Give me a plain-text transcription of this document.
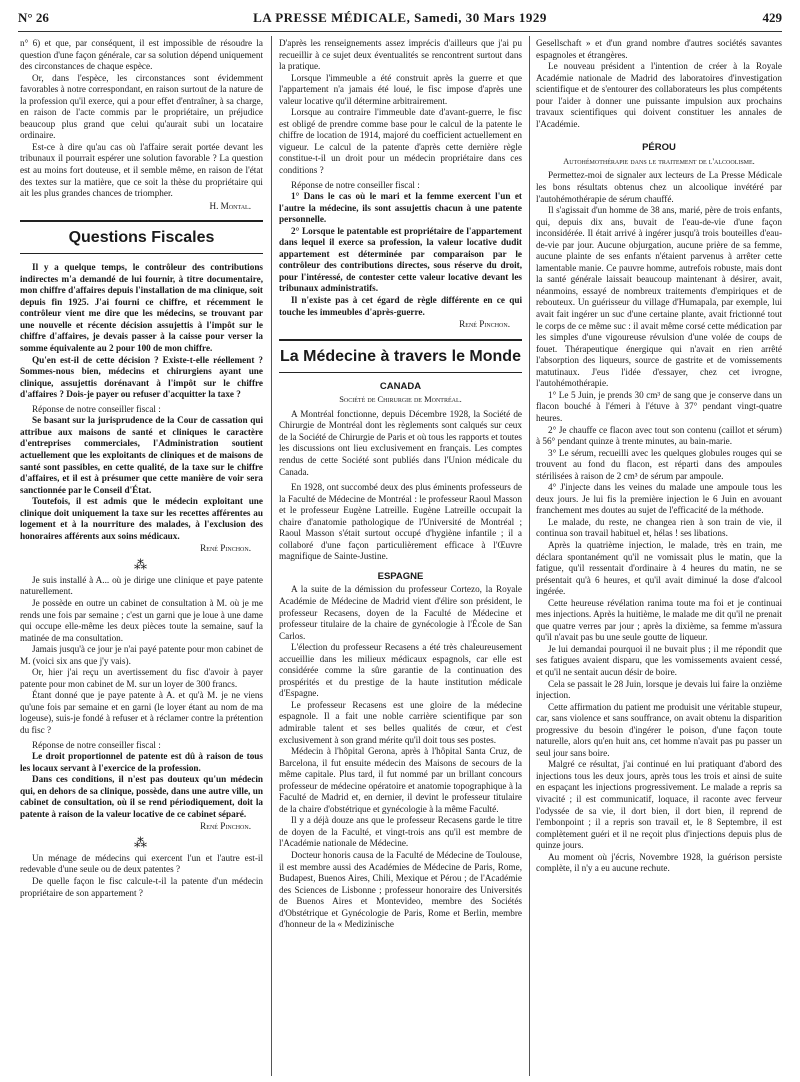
N° 26	LA PRESSE MÉDICALE, Samedi, 30 Mars 1929	429

n° 6) et que, par conséquent, il est impossible de résoudre la question d'une façon générale, car sa solution dépend uniquement des circonstances de chaque espèce.

Or, dans l'espèce, les circonstances sont évidemment favorables à notre correspondant, en raison surtout de la nature de la profession qu'il exerce, qui a pour effet d'entraîner, à sa charge, en raison de l'acte commis par le propriétaire, un préjudice beaucoup plus grand que celui qu'aurait subi un locataire ordinaire.

Est-ce à dire qu'au cas où l'affaire serait portée devant les tribunaux il pourrait espérer une solution favorable ? La question est au moins fort douteuse, et il semble même, en raison de l'état des textes sur la matière, que ce soit la thèse du propriétaire qui ait les plus grandes chances de triompher.

H. Montal.
Questions Fiscales

Il y a quelque temps, le contrôleur des contributions indirectes m'a demandé de lui fournir, à titre documentaire, mon chiffre d'affaires depuis l'installation de ma clinique, soit depuis fin 1925. J'ai fourni ce chiffre, et récemment le contrôleur vient me dire que les médecins, se trouvant par une nouvelle et récente décision assujettis à l'impôt sur le chiffre d'affaires, je devais passer à la caisse pour verser la somme équivalente au 2 pour 100 de mon chiffre.

Qu'en est-il de cette décision ? Existe-t-elle réellement ? Sommes-nous bien, médecins et chirurgiens ayant une clinique, assujettis dorénavant à l'impôt sur le chiffre d'affaires ? Dois-je payer ou refuser d'acquitter la taxe ?

Réponse de notre conseiller fiscal :

Se basant sur la jurisprudence de la Cour de cassation qui attribue aux maisons de santé et cliniques le caractère d'entreprises commerciales, l'Administration soutient actuellement que les exploitants de cliniques et de maisons de santé sont passibles, en cette qualité, de la taxe sur le chiffre d'affaires, et il est à présumer que cette manière de voir sera sanctionnée par le Conseil d'État.

Toutefois, il est admis que le médecin exploitant une clinique doit uniquement la taxe sur les recettes afférentes au logement et à la nourriture des malades, à l'exclusion des honoraires afférents aux soins médicaux.

René Pinchon.
⁂

Je suis installé à A... où je dirige une clinique et paye patente naturellement.

Je possède en outre un cabinet de consultation à M. où je me rends une fois par semaine ; c'est un garni que je loue à une dame qui occupe elle-même les deux pièces toute la semaine, sauf la matinée de ma consultation.

Jamais jusqu'à ce jour je n'ai payé patente pour mon cabinet de M. (voici six ans que j'y vais).

Or, hier j'ai reçu un avertissement du fisc d'avoir à payer patente pour mon cabinet de M. sur un loyer de 300 francs.

Étant donné que je paye patente à A. et qu'à M. je ne viens qu'une fois par semaine et en garni (le loyer étant au nom de ma logeuse), suis-je fondé à refuser et à réclamer contre la prétention du fisc ?

Réponse de notre conseiller fiscal :

Le droit proportionnel de patente est dû à raison de tous les locaux servant à l'exercice de la profession.

Dans ces conditions, il n'est pas douteux qu'un médecin qui, en dehors de sa clinique, possède, dans une autre ville, un cabinet de consultation, où il se rend périodiquement, doit la patente à raison de la valeur locative de ce cabinet séparé.

René Pinchon.
⁂

Un ménage de médecins qui exercent l'un et l'autre est-il redevable d'une seule ou de deux patentes ?

De quelle façon le fisc calcule-t-il la patente d'un médecin propriétaire de son appartement ?

D'après les renseignements assez imprécis d'ailleurs que j'ai pu recueillir à ce sujet deux éventualités se rencontrent surtout dans la pratique.

Lorsque l'immeuble a été construit après la guerre et que l'appartement n'a jamais été loué, le fisc impose d'après une valeur locative qu'il détermine arbitrairement.

Lorsque au contraire l'immeuble date d'avant-guerre, le fisc est obligé de prendre comme base pour le calcul de la patente le chiffre de location de 1914, majoré du coefficient actuellement en vigueur. Le calcul de la patente d'après cette dernière règle constitue-t-il un droit pour un médecin propriétaire dans ces conditions ?

Réponse de notre conseiller fiscal :

1° Dans le cas où le mari et la femme exercent l'un et l'autre la médecine, ils sont assujettis chacun à une patente personnelle.

2° Lorsque le patentable est propriétaire de l'appartement dans lequel il exerce sa profession, la valeur locative dudit appartement est déterminée par comparaison par le contrôleur des contributions directes, sous réserve du droit, pour l'intéressé, de contester cette valeur locative devant les tribunaux administratifs.

Il n'existe pas à cet égard de règle différente en ce qui touche les immeubles d'après-guerre.

René Pinchon.
La Médecine à travers le Monde
CANADA
Société de Chirurgie de Montréal.

A Montréal fonctionne, depuis Décembre 1928, la Société de Chirurgie de Montréal dont les règlements sont calqués sur ceux de la Société de Chirurgie de Paris et où tous les rapports et toutes les discussions ont lieu exclusivement en français. Les comptes rendus de cette Société sont publiés dans l'Union médicale du Canada.

En 1928, ont succombé deux des plus éminents professeurs de la Faculté de Médecine de Montréal : le professeur Raoul Masson et le professeur Eugène Latreille. Eugène Latreille occupait la chaire d'anatomie pathologique de l'Université de Montréal ; Raoul Masson s'était surtout occupé d'hygiène infantile ; il a collaboré d'une façon particulièrement efficace à l'Œuvre magnifique de Sainte-Justine.

ESPAGNE

A la suite de la démission du professeur Cortezo, la Royale Académie de Médecine de Madrid vient d'élire son président, le professeur Recasens, doyen de la Faculté de Médecine et professeur titulaire de la chaire de gynécologie à l'École de San Carlos.

L'élection du professeur Recasens a été très chaleureusement accueillie dans les milieux médicaux espagnols, car elle est considérée comme la sûre garantie de la continuation des prospérités et du prestige de la haute institution médicale d'Espagne.

Le professeur Recasens est une gloire de la médecine espagnole. Il a fait une noble carrière scientifique par son admirable talent et ses belles qualités de cœur, et c'est exclusivement à son grand mérite qu'il doit tous ses postes.

Médecin à l'hôpital Gerona, après à l'hôpital Santa Cruz, de Barcelona, il fut ensuite médecin des Maisons de secours de la même capitale. Plus tard, il fut nommé par un brillant concours professeur de médecine opératoire et anatomie topographique à la Faculté de Madrid et, en dernier, il devint le professeur titulaire de la chaire d'obstétrique et gynécologie à la même Faculté.

Il y a déjà douze ans que le professeur Recasens garde le titre de doyen de la Faculté, et vingt-trois ans qu'il est membre de l'Académie nationale de Médecine.

Docteur honoris causa de la Faculté de Médecine de Toulouse, il est membre aussi des Académies de Médecine de Paris, Rome, Budapest, Buenos Aires, Chili, Mexique et Pérou ; de l'Académie des Sciences de Lisbonne ; professeur honoraire des Universités de Buenos Aires et Montevideo, membre des Sociétés d'Obstétrique et Gynécologie de Paris, Rome et Berlin, membre d'honneur de la « Medizinische

Gesellschaft » et d'un grand nombre d'autres sociétés savantes espagnoles et étrangères.

Le nouveau président a l'intention de créer à la Royale Académie nationale de Madrid des laboratoires d'investigation scientifique et de s'entourer des collaborateurs les plus compétents pour l'aider à donner une puissante impulsion aux prochains travaux scientifiques qui doivent constituer les annales de l'Académie.

PÉROU
Autohémothérapie dans le traitement de l'alcoolisme.

Permettez-moi de signaler aux lecteurs de La Presse Médicale les bons résultats obtenus chez un alcoolique invétéré par l'autohémothérapie de sérum chauffé.

Il s'agissait d'un homme de 38 ans, marié, père de trois enfants, qui, depuis dix ans, buvait de l'eau-de-vie d'une façon inconsidérée. Il était arrivé à ingérer jusqu'à trois bouteilles d'eau-de-vie par jour. Aucune objurgation, aucune prière de sa femme, aucune plainte de ses enfants n'étaient parvenus à arrêter cette lamentable manie. Ce pauvre homme, autrefois robuste, mais dont la santé générale laissait beaucoup maintenant à désirer, avait, néanmoins, essayé de nombreux traitements d'empiriques et de rebouteux. Un guérisseur du village d'Humapala, par exemple, lui avait fait ingérer un suc d'une certaine plante, avait frictionné tout le corps de ce même suc : il avait même corsé cette médication par les simples d'une vigoureuse révulsion d'une volée de coups de fouet. Thérapeutique énergique qui n'avait en rien arrêté l'absorption des liqueurs, source de gastrite et de vomissements matutinaux. J'eus l'idée d'essayer, chez cet ivrogne, l'autohémothérapie.

1° Le 5 Juin, je prends 30 cm³ de sang que je conserve dans un flacon bouché à l'émeri à l'étuve à 37° pendant vingt-quatre heures.

2° Je chauffe ce flacon avec tout son contenu (caillot et sérum) à 56° pendant quinze à trente minutes, au bain-marie.

3° Le sérum, recueilli avec les quelques globules rouges qui se trouvent au fond du flacon, est réparti dans des ampoules stérilisées à raison de 2 cm³ de sérum par ampoule.

4° J'injecte dans les veines du malade une ampoule tous les deux jours. Je lui fis la première injection le 6 Juin en avouant franchement mes doutes au sujet de l'efficacité de la méthode.

Le malade, du reste, ne changea rien à son train de vie, il continua son travail habituel et, hélas ! ses libations.

Après la quatrième injection, le malade, très en train, me déclara spontanément qu'il ne vomissait plus le matin, que la fatigue, qu'il ressentait d'ordinaire à 4 heures du matin, ne se présentait qu'à 6 heures, et qu'il avait diminué la dose d'alcool ingérée.

Cette heureuse révélation ranima toute ma foi et je continuai mes injections. Après la huitième, le malade me dit qu'il ne prenait que quatre verres par jour ; après la dixième, sa femme m'assura qu'il n'avait pas bu une seule goutte de liqueur.

Je lui demandai pourquoi il ne buvait plus ; il me répondit que ses fatigues avaient disparu, que les vomissements avaient cessé, et qu'il ne sentait aucun désir de boire.

Cela se passait le 28 Juin, lorsque je devais lui faire la onzième injection.

Cette affirmation du patient me produisit une véritable stupeur, car, sans violence et sans souffrance, on avait obtenu la disparition progressive du besoin d'ingérer le poison, d'une façon toute naturelle, alors qu'en huit ans, cet homme n'avait pas pu passer un seul jour sans boire.

Malgré ce résultat, j'ai continué en lui pratiquant d'abord des injections tous les deux jours, après tous les trois et ainsi de suite en espaçant les injections progressivement. Le malade a repris sa vivacité ; il est communicatif, loquace, il raconte avec ferveur l'odyssée de sa vie, il dort bien, il dort bien, il reprend de l'embonpoint ; il a repris son travail et, le 8 Septembre, il est complètement guéri et il ne reçoit plus d'injections depuis plus de quinze jours.

Au moment où j'écris, Novembre 1928, la guérison persiste complète, il n'y a eu aucune rechute.
